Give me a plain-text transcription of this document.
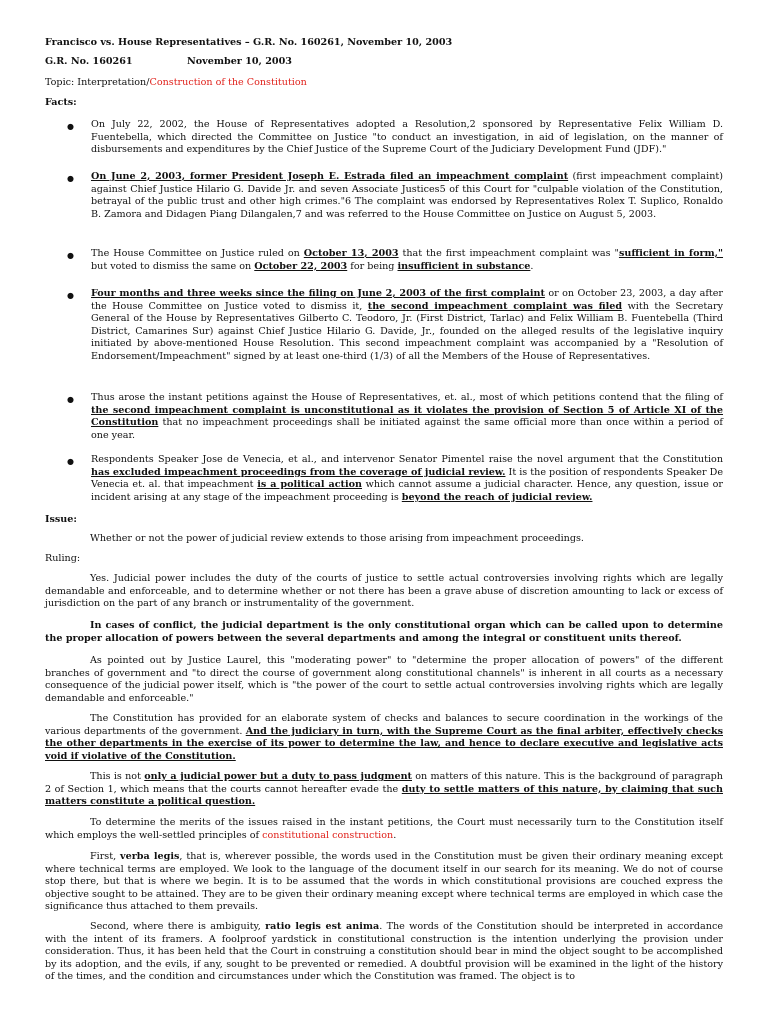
Francisco vs. House Representatives – G.R. No. 160261, November 10, 2003
G.R. No. 160261	November 10, 2003
Topic: Interpretation/Construction of the Constitution
Facts:
● On July 22, 2002, the House of Representatives adopted a Resolution,2 sponsored by Representative Felix William D. Fuentebella, which directed the Committee on Justice "to conduct an investigation, in aid of legislation, on the manner of disbursements and expenditures by the Chief Justice of the Supreme Court of the Judiciary Development Fund (JDF)."
● On June 2, 2003, former President Joseph E. Estrada filed an impeachment complaint (first impeachment complaint) against Chief Justice Hilario G. Davide Jr. and seven Associate Justices5 of this Court for "culpable violation of the Constitution, betrayal of the public trust and other high crimes."6 The complaint was endorsed by Representatives Rolex T. Suplico, Ronaldo B. Zamora and Didagen Piang Dilangalen,7 and was referred to the House Committee on Justice on August 5, 2003.
● The House Committee on Justice ruled on October 13, 2003 that the first impeachment complaint was "sufficient in form," but voted to dismiss the same on October 22, 2003 for being insufficient in substance.
● Four months and three weeks since the filing on June 2, 2003 of the first complaint or on October 23, 2003, a day after the House Committee on Justice voted to dismiss it, the second impeachment complaint was filed with the Secretary General of the House by Representatives Gilberto C. Teodoro, Jr. (First District, Tarlac) and Felix William B. Fuentebella (Third District, Camarines Sur) against Chief Justice Hilario G. Davide, Jr., founded on the alleged results of the legislative inquiry initiated by above-mentioned House Resolution. This second impeachment complaint was accompanied by a "Resolution of Endorsement/Impeachment" signed by at least one-third (1/3) of all the Members of the House of Representatives.
● Thus arose the instant petitions against the House of Representatives, et. al., most of which petitions contend that the filing of the second impeachment complaint is unconstitutional as it violates the provision of Section 5 of Article XI of the Constitution that no impeachment proceedings shall be initiated against the same official more than once within a period of one year.
● Respondents Speaker Jose de Venecia, et al., and intervenor Senator Pimentel raise the novel argument that the Constitution has excluded impeachment proceedings from the coverage of judicial review. It is the position of respondents Speaker De Venecia et. al. that impeachment is a political action which cannot assume a judicial character. Hence, any question, issue or incident arising at any stage of the impeachment proceeding is beyond the reach of judicial review.
Issue:
Whether or not the power of judicial review extends to those arising from impeachment proceedings.
Ruling:
Yes. Judicial power includes the duty of the courts of justice to settle actual controversies involving rights which are legally demandable and enforceable, and to determine whether or not there has been a grave abuse of discretion amounting to lack or excess of jurisdiction on the part of any branch or instrumentality of the government.
In cases of conflict, the judicial department is the only constitutional organ which can be called upon to determine the proper allocation of powers between the several departments and among the integral or constituent units thereof.
As pointed out by Justice Laurel, this "moderating power" to "determine the proper allocation of powers" of the different branches of government and "to direct the course of government along constitutional channels" is inherent in all courts as a necessary consequence of the judicial power itself, which is "the power of the court to settle actual controversies involving rights which are legally demandable and enforceable."
The Constitution has provided for an elaborate system of checks and balances to secure coordination in the workings of the various departments of the government. And the judiciary in turn, with the Supreme Court as the final arbiter, effectively checks the other departments in the exercise of its power to determine the law, and hence to declare executive and legislative acts void if violative of the Constitution.
This is not only a judicial power but a duty to pass judgment on matters of this nature. This is the background of paragraph 2 of Section 1, which means that the courts cannot hereafter evade the duty to settle matters of this nature, by claiming that such matters constitute a political question.
To determine the merits of the issues raised in the instant petitions, the Court must necessarily turn to the Constitution itself which employs the well-settled principles of constitutional construction.
First, verba legis, that is, wherever possible, the words used in the Constitution must be given their ordinary meaning except where technical terms are employed. We look to the language of the document itself in our search for its meaning. We do not of course stop there, but that is where we begin. It is to be assumed that the words in which constitutional provisions are couched express the objective sought to be attained. They are to be given their ordinary meaning except where technical terms are employed in which case the significance thus attached to them prevails.
Second, where there is ambiguity, ratio legis est anima. The words of the Constitution should be interpreted in accordance with the intent of its framers. A foolproof yardstick in constitutional construction is the intention underlying the provision under consideration. Thus, it has been held that the Court in construing a constitution should bear in mind the object sought to be accomplished by its adoption, and the evils, if any, sought to be prevented or remedied. A doubtful provision will be examined in the light of the history of the times, and the condition and circumstances under which the Constitution was framed. The object is to
